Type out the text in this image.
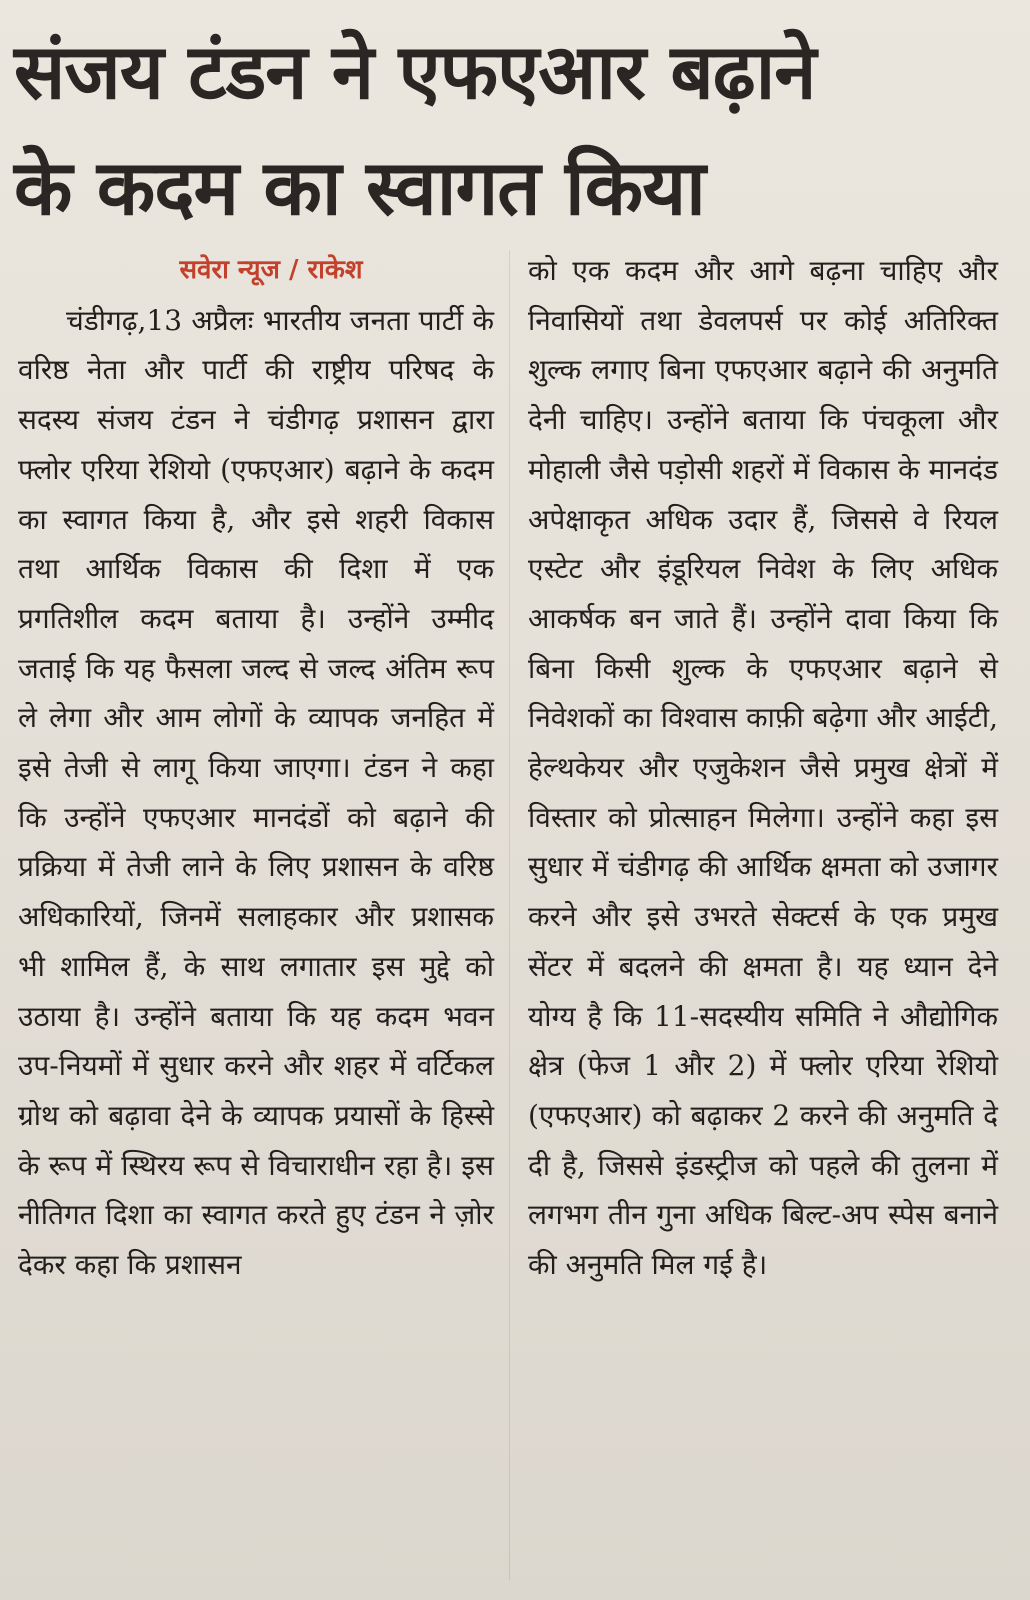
संजय टंडन ने एफएआर बढ़ाने
के कदम का स्वागत किया
सवेरा न्यूज / राकेश

चंडीगढ़,13 अप्रैलः भारतीय जनता पार्टी के वरिष्ठ नेता और पार्टी की राष्ट्रीय परिषद के सदस्य संजय टंडन ने चंडीगढ़ प्रशासन द्वारा फ्लोर एरिया रेशियो (एफएआर) बढ़ाने के कदम का स्वागत किया है, और इसे शहरी विकास तथा आर्थिक विकास की दिशा में एक प्रगतिशील कदम बताया है। उन्होंने उम्मीद जताई कि यह फैसला जल्द से जल्द अंतिम रूप ले लेगा और आम लोगों के व्यापक जनहित में इसे तेजी से लागू किया जाएगा। टंडन ने कहा कि उन्होंने एफएआर मानदंडों को बढ़ाने की प्रक्रिया में तेजी लाने के लिए प्रशासन के वरिष्ठ अधिकारियों, जिनमें सलाहकार और प्रशासक भी शामिल हैं, के साथ लगातार इस मुद्दे को उठाया है। उन्होंने बताया कि यह कदम भवन उप-नियमों में सुधार करने और शहर में वर्टिकल ग्रोथ को बढ़ावा देने के व्यापक प्रयासों के हिस्से के रूप में स्थिरय रूप से विचाराधीन रहा है। इस नीतिगत दिशा का स्वागत करते हुए टंडन ने ज़ोर देकर कहा कि प्रशासन

को एक कदम और आगे बढ़ना चाहिए और निवासियों तथा डेवलपर्स पर कोई अतिरिक्त शुल्क लगाए बिना एफएआर बढ़ाने की अनुमति देनी चाहिए। उन्होंने बताया कि पंचकूला और मोहाली जैसे पड़ोसी शहरों में विकास के मानदंड अपेक्षाकृत अधिक उदार हैं, जिससे वे रियल एस्टेट और इंडूरियल निवेश के लिए अधिक आकर्षक बन जाते हैं। उन्होंने दावा किया कि बिना किसी शुल्क के एफएआर बढ़ाने से निवेशकों का विश्वास काफ़ी बढ़ेगा और आईटी, हेल्थकेयर और एजुकेशन जैसे प्रमुख क्षेत्रों में विस्तार को प्रोत्साहन मिलेगा। उन्होंने कहा इस सुधार में चंडीगढ़ की आर्थिक क्षमता को उजागर करने और इसे उभरते सेक्टर्स के एक प्रमुख सेंटर में बदलने की क्षमता है। यह ध्यान देने योग्य है कि 11-सदस्यीय समिति ने औद्योगिक क्षेत्र (फेज 1 और 2) में फ्लोर एरिया रेशियो (एफएआर) को बढ़ाकर 2 करने की अनुमति दे दी है, जिससे इंडस्ट्रीज को पहले की तुलना में लगभग तीन गुना अधिक बिल्ट-अप स्पेस बनाने की अनुमति मिल गई है।
